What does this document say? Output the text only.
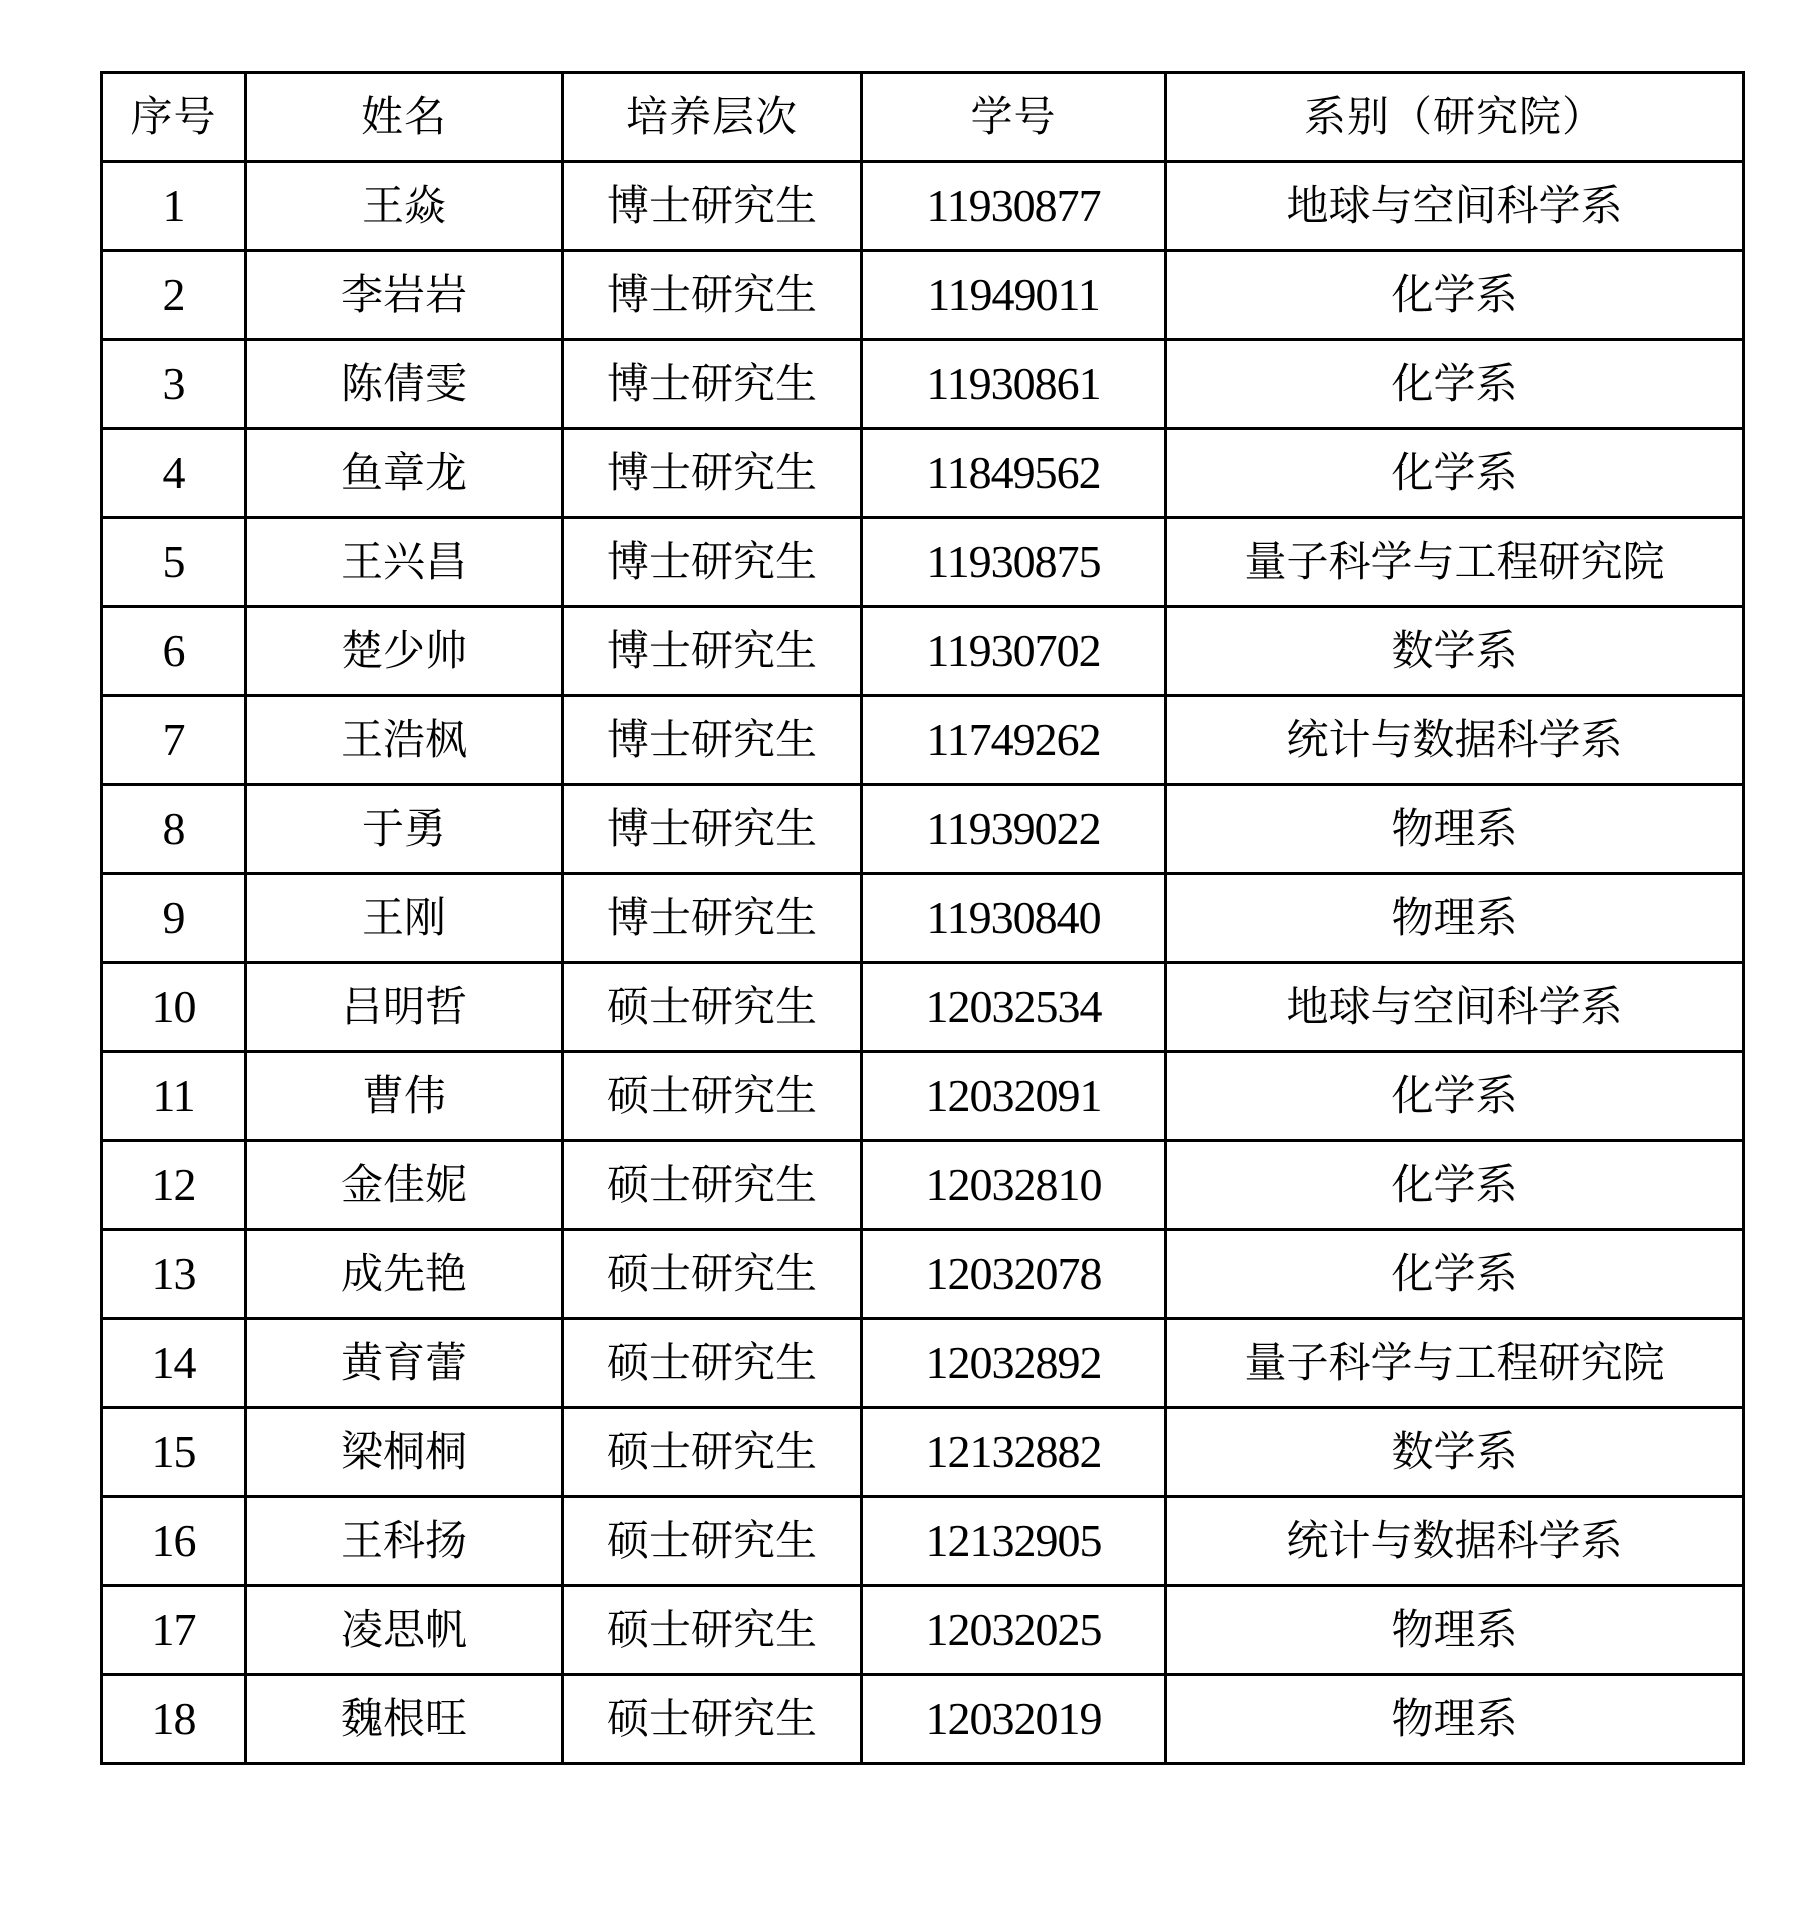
序号	姓名	培养层次	学号	系别（研究院）
1	王焱	博士研究生	11930877	地球与空间科学系
2	李岩岩	博士研究生	11949011	化学系
3	陈倩雯	博士研究生	11930861	化学系
4	鱼章龙	博士研究生	11849562	化学系
5	王兴昌	博士研究生	11930875	量子科学与工程研究院
6	楚少帅	博士研究生	11930702	数学系
7	王浩枫	博士研究生	11749262	统计与数据科学系
8	于勇	博士研究生	11939022	物理系
9	王刚	博士研究生	11930840	物理系
10	吕明哲	硕士研究生	12032534	地球与空间科学系
11	曹伟	硕士研究生	12032091	化学系
12	金佳妮	硕士研究生	12032810	化学系
13	成先艳	硕士研究生	12032078	化学系
14	黄育蕾	硕士研究生	12032892	量子科学与工程研究院
15	梁桐桐	硕士研究生	12132882	数学系
16	王科扬	硕士研究生	12132905	统计与数据科学系
17	凌思帆	硕士研究生	12032025	物理系
18	魏根旺	硕士研究生	12032019	物理系
